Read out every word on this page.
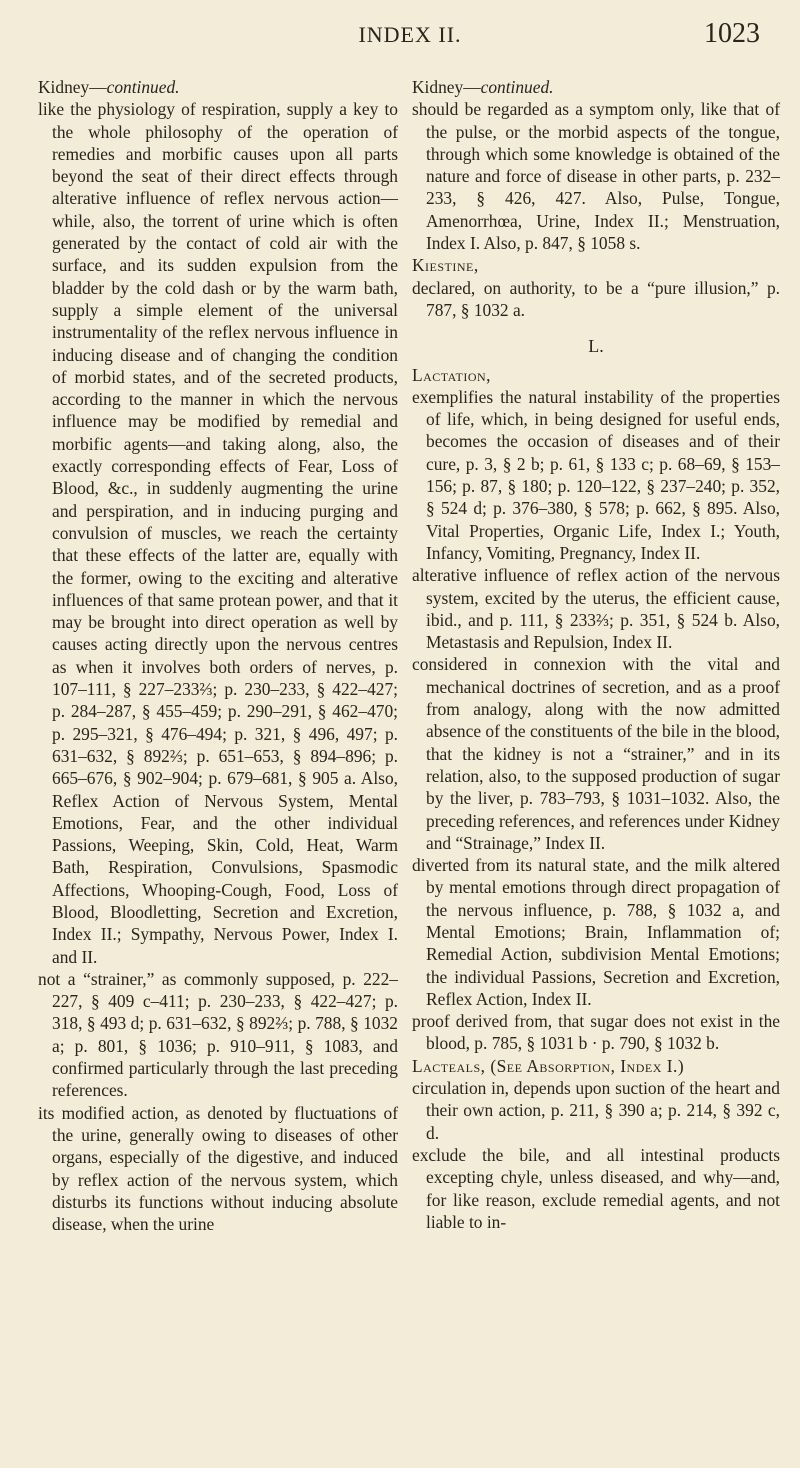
INDEX II.	1023

Kidney—continued.

like the physiology of respiration, supply a key to the whole philosophy of the operation of remedies and morbific causes upon all parts beyond the seat of their direct effects through alterative influence of reflex nervous action—while, also, the torrent of urine which is often generated by the contact of cold air with the surface, and its sudden expulsion from the bladder by the cold dash or by the warm bath, supply a simple element of the universal instrumentality of the reflex nervous influence in inducing disease and of changing the condition of morbid states, and of the secreted products, according to the manner in which the nervous influence may be modified by remedial and morbific agents—and taking along, also, the exactly corresponding effects of Fear, Loss of Blood, &c., in suddenly augmenting the urine and perspiration, and in inducing purging and convulsion of muscles, we reach the certainty that these effects of the latter are, equally with the former, owing to the exciting and alterative influences of that same protean power, and that it may be brought into direct operation as well by causes acting directly upon the nervous centres as when it involves both orders of nerves, p. 107–111, § 227–233⅔; p. 230–233, § 422–427; p. 284–287, § 455–459; p. 290–291, § 462–470; p. 295–321, § 476–494; p. 321, § 496, 497; p. 631–632, § 892⅔; p. 651–653, § 894–896; p. 665–676, § 902–904; p. 679–681, § 905 a. Also, Reflex Action of Nervous System, Mental Emotions, Fear, and the other individual Passions, Weeping, Skin, Cold, Heat, Warm Bath, Respiration, Convulsions, Spasmodic Affections, Whooping-Cough, Food, Loss of Blood, Bloodletting, Secretion and Excretion, Index II.; Sympathy, Nervous Power, Index I. and II.

not a “strainer,” as commonly supposed, p. 222–227, § 409 c–411; p. 230–233, § 422–427; p. 318, § 493 d; p. 631–632, § 892⅔; p. 788, § 1032 a; p. 801, § 1036; p. 910–911, § 1083, and confirmed particularly through the last preceding references.

its modified action, as denoted by fluctuations of the urine, generally owing to diseases of other organs, especially of the digestive, and induced by reflex action of the nervous system, which disturbs its functions without inducing absolute disease, when the urine

Kidney—continued.

should be regarded as a symptom only, like that of the pulse, or the morbid aspects of the tongue, through which some knowledge is obtained of the nature and force of disease in other parts, p. 232–233, § 426, 427. Also, Pulse, Tongue, Amenorrhœa, Urine, Index II.; Menstruation, Index I. Also, p. 847, § 1058 s.

Kiestine,

declared, on authority, to be a “pure illusion,” p. 787, § 1032 a.

L.

Lactation,

exemplifies the natural instability of the properties of life, which, in being designed for useful ends, becomes the occasion of diseases and of their cure, p. 3, § 2 b; p. 61, § 133 c; p. 68–69, § 153–156; p. 87, § 180; p. 120–122, § 237–240; p. 352, § 524 d; p. 376–380, § 578; p. 662, § 895. Also, Vital Properties, Organic Life, Index I.; Youth, Infancy, Vomiting, Pregnancy, Index II.

alterative influence of reflex action of the nervous system, excited by the uterus, the efficient cause, ibid., and p. 111, § 233⅔; p. 351, § 524 b. Also, Metastasis and Repulsion, Index II.

considered in connexion with the vital and mechanical doctrines of secretion, and as a proof from analogy, along with the now admitted absence of the constituents of the bile in the blood, that the kidney is not a “strainer,” and in its relation, also, to the supposed production of sugar by the liver, p. 783–793, § 1031–1032. Also, the preceding references, and references under Kidney and “Strainage,” Index II.

diverted from its natural state, and the milk altered by mental emotions through direct propagation of the nervous influence, p. 788, § 1032 a, and Mental Emotions; Brain, Inflammation of; Remedial Action, subdivision Mental Emotions; the individual Passions, Secretion and Excretion, Reflex Action, Index II.

proof derived from, that sugar does not exist in the blood, p. 785, § 1031 b · p. 790, § 1032 b.

Lacteals, (See Absorption, Index I.)

circulation in, depends upon suction of the heart and their own action, p. 211, § 390 a; p. 214, § 392 c, d.

exclude the bile, and all intestinal products excepting chyle, unless diseased, and why—and, for like reason, exclude remedial agents, and not liable to in-
